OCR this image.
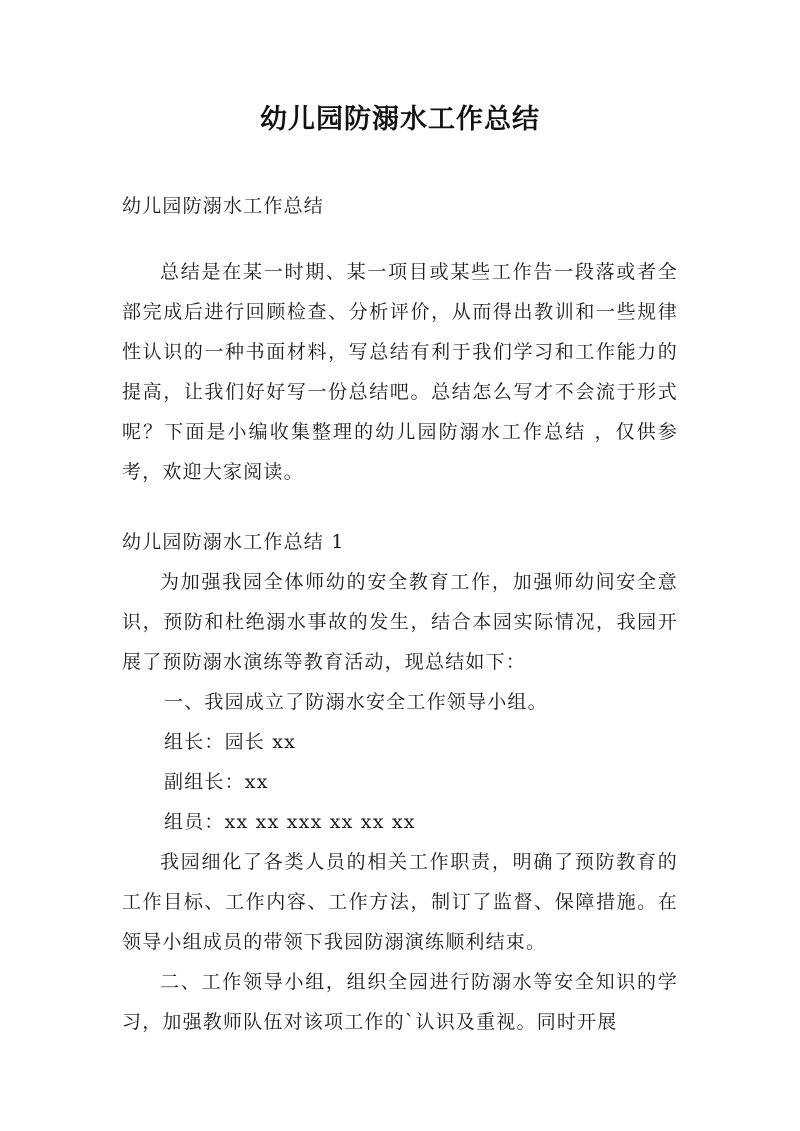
幼儿园防溺水工作总结
幼儿园防溺水工作总结

总结是在某一时期、某一项目或某些工作告一段落或者全部完成后进行回顾检查、分析评价，从而得出教训和一些规律性认识的一种书面材料，写总结有利于我们学习和工作能力的提高，让我们好好写一份总结吧。总结怎么写才不会流于形式呢？下面是小编收集整理的幼儿园防溺水工作总结 ，仅供参考，欢迎大家阅读。

幼儿园防溺水工作总结 1

为加强我园全体师幼的安全教育工作，加强师幼间安全意识，预防和杜绝溺水事故的发生，结合本园实际情况，我园开展了预防溺水演练等教育活动，现总结如下：

一、我园成立了防溺水安全工作领导小组。
组长：园长 xx
副组长：xx
组员：xx xx xxx xx xx xx

我园细化了各类人员的相关工作职责，明确了预防教育的工作目标、工作内容、工作方法，制订了监督、保障措施。在领导小组成员的带领下我园防溺演练顺利结束。

二、工作领导小组，组织全园进行防溺水等安全知识的学习，加强教师队伍对该项工作的`认识及重视。同时开展
